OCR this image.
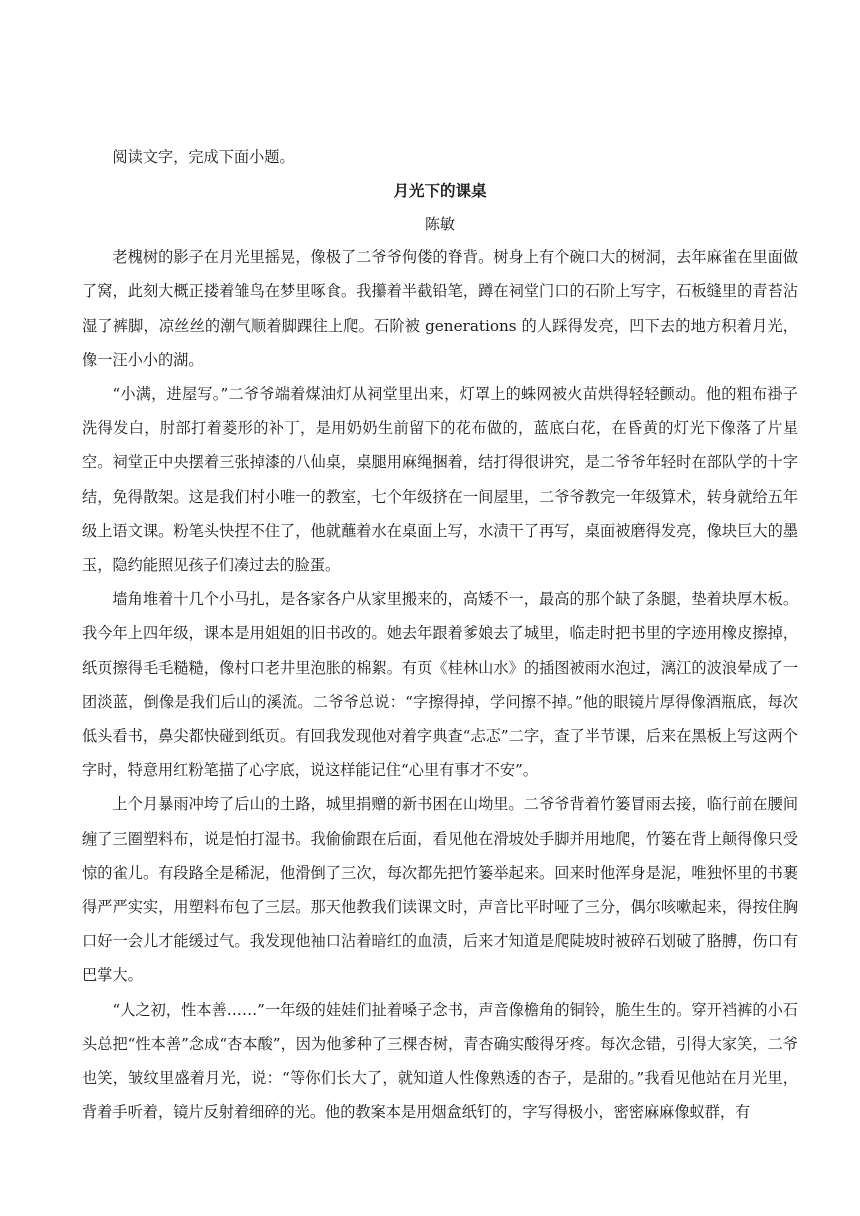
阅读文字，完成下面小题。

月光下的课桌

陈敏

老槐树的影子在月光里摇晃，像极了二爷爷佝偻的脊背。树身上有个碗口大的树洞，去年麻雀在里面做了窝，此刻大概正搂着雏鸟在梦里啄食。我攥着半截铅笔，蹲在祠堂门口的石阶上写字，石板缝里的青苔沾湿了裤脚，凉丝丝的潮气顺着脚踝往上爬。石阶被 generations 的人踩得发亮，凹下去的地方积着月光，像一汪小小的湖。

“小满，进屋写。”二爷爷端着煤油灯从祠堂里出来，灯罩上的蛛网被火苗烘得轻轻颤动。他的粗布褂子洗得发白，肘部打着菱形的补丁，是用奶奶生前留下的花布做的，蓝底白花，在昏黄的灯光下像落了片星空。祠堂正中央摆着三张掉漆的八仙桌，桌腿用麻绳捆着，结打得很讲究，是二爷爷年轻时在部队学的十字结，免得散架。这是我们村小唯一的教室，七个年级挤在一间屋里，二爷爷教完一年级算术，转身就给五年级上语文课。粉笔头快捏不住了，他就蘸着水在桌面上写，水渍干了再写，桌面被磨得发亮，像块巨大的墨玉，隐约能照见孩子们凑过去的脸蛋。

墙角堆着十几个小马扎，是各家各户从家里搬来的，高矮不一，最高的那个缺了条腿，垫着块厚木板。我今年上四年级，课本是用姐姐的旧书改的。她去年跟着爹娘去了城里，临走时把书里的字迹用橡皮擦掉，纸页擦得毛毛糙糙，像村口老井里泡胀的棉絮。有页《桂林山水》的插图被雨水泡过，漓江的波浪晕成了一团淡蓝，倒像是我们后山的溪流。二爷爷总说：“字擦得掉，学问擦不掉。”他的眼镜片厚得像酒瓶底，每次低头看书，鼻尖都快碰到纸页。有回我发现他对着字典查“忐忑”二字，查了半节课，后来在黑板上写这两个字时，特意用红粉笔描了心字底，说这样能记住“心里有事才不安”。

上个月暴雨冲垮了后山的土路，城里捐赠的新书困在山坳里。二爷爷背着竹篓冒雨去接，临行前在腰间缠了三圈塑料布，说是怕打湿书。我偷偷跟在后面，看见他在滑坡处手脚并用地爬，竹篓在背上颠得像只受惊的雀儿。有段路全是稀泥，他滑倒了三次，每次都先把竹篓举起来。回来时他浑身是泥，唯独怀里的书裹得严严实实，用塑料布包了三层。那天他教我们读课文时，声音比平时哑了三分，偶尔咳嗽起来，得按住胸口好一会儿才能缓过气。我发现他袖口沾着暗红的血渍，后来才知道是爬陡坡时被碎石划破了胳膊，伤口有巴掌大。

“人之初，性本善……”一年级的娃娃们扯着嗓子念书，声音像檐角的铜铃，脆生生的。穿开裆裤的小石头总把“性本善”念成“杏本酸”，因为他爹种了三棵杏树，青杏确实酸得牙疼。每次念错，引得大家笑，二爷也笑，皱纹里盛着月光，说：“等你们长大了，就知道人性像熟透的杏子，是甜的。”我看见他站在月光里，背着手听着，镜片反射着细碎的光。他的教案本是用烟盒纸钉的，字写得极小，密密麻麻像蚁群，有
